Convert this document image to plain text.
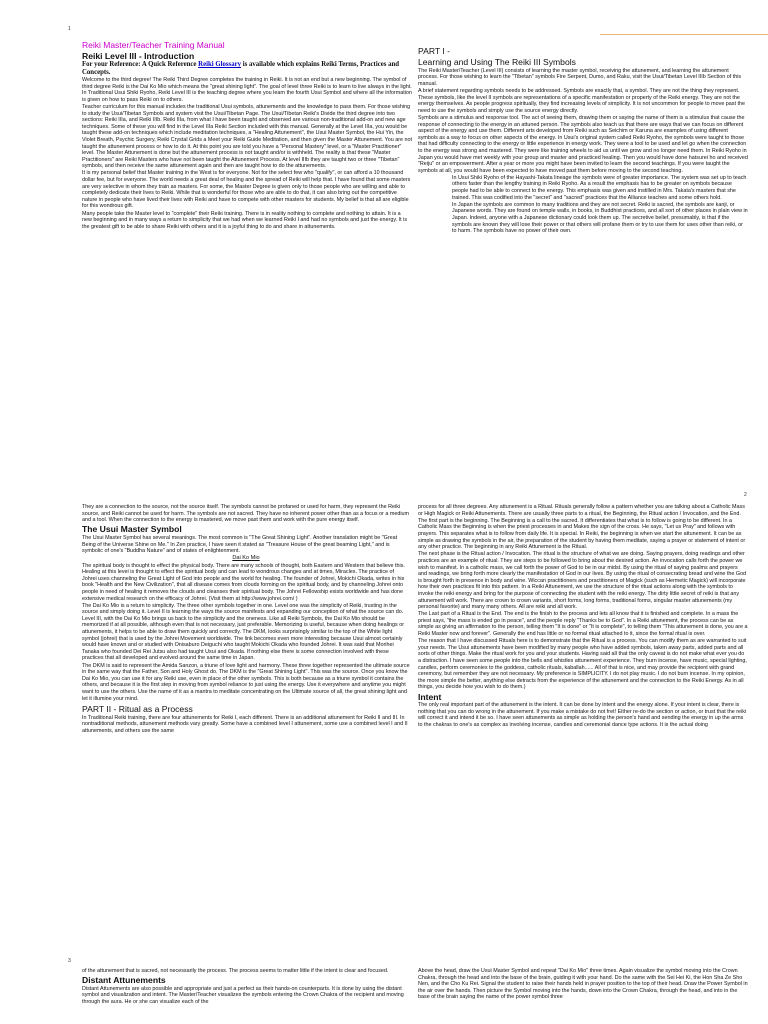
1

Reiki Master/Teacher Training Manual

Reiki Level III - Introduction

For your Reference: A Quick Reference Reiki Glossary is available which explains Reiki Terms, Practices and Concepts.

Welcome to the third degree! The Reiki Third Degree completes the training in Reiki. It is not an end but a new beginning. The symbol of third degree Reiki is the Dai Ko Mio which means the "great shining light". The goal of level three Reiki is to learn to live always in the light. In Traditional Usui Shiki Ryoho, Reiki Level III is the teaching degree where you learn the fourth Usui Symbol and where all the information is given on how to pass Reiki on to others.

Teacher curriculum for this manual includes the traditional Usui symbols, attunements and the knowledge to pass them. For those wishing to study the Usui/Tibetan Symbols and system visit the Usui/Tibetan Page. The Usui/Tibetan Reiki's Divide the third degree into two sections: Reiki IIIa, and Reiki IIIb. Reiki IIIa, from what I have been taught and observed are various non-traditional add-on and new age techniques. Some of these you will find in the Level IIIa Reiki Section included with this manual. Generally at the Level IIIa, you would be taught these add-on techniques which include meditation techniques, a "Healing Attunement", the Usui Master Symbol, the Hui Yin, the Violet Breath, Psychic Surgery, Reiki Crystal Grids a Meet your Reiki Guide Meditation, and then given the Master Attunement. You are not taught the attunement process or how to do it. At this point you are told you have a "Personal Mastery" level, or a "Master Practitioner" level. The Master Attunement is done but the attunement process is not taught and/or is withheld. The reality is that these "Master Practitioners" are Reiki Masters who have not been taught the Attunement Process. At level IIIb they are taught two or three "Tibetan" symbols, and then receive the same attunement again and then are taught how to do the attunements.

It is my personal belief that Master training in the West is for everyone. Not for the select few who "qualify", or can afford a 10 thousand dollar fee, but for everyone. The world needs a great deal of healing and the spread of Reiki will help that. I have found that some masters are very selective in whom they train as masters. For some, the Master Degree is given only to those people who are willing and able to completely dedicate their lives to Reiki. While that is wonderful for those who are able to do that, it can also bring out the competitive nature in people who have lived their lives with Reiki and have to compete with other masters for students. My belief is that all are eligible for this wondrous gift.

Many people take the Master level to "complete" their Reiki training. There is in reality nothing to complete and nothing to attain. It is a new beginning and in many ways a return to simplicity that we had when we learned Reiki I and had no symbols and just the energy. It is the greatest gift to be able to share Reiki with others and it is a joyful thing to do and share in attunements.

PART I -

Learning and Using The Reiki III Symbols

The Reiki Master/Teacher (Level III) consists of learning the master symbol, receiving the attunement, and learning the attunement process. For those wishing to learn the "Tibetan" symbols Fire Serpent, Dumo, and Raku, visit the Usui/Tibetan Level IIIb Section of this manual.

A brief statement regarding symbols needs to be addressed. Symbols are exactly that, a symbol. They are not the thing they represent. These symbols, like the level II symbols are representations of a specific manifestation or property of the Reiki energy. They are not the energy themselves. As people progress spiritually, they find increasing levels of simplicity. It is not uncommon for people to move past the need to use the symbols and simply use the source energy directly.

Symbols are a stimulus and response tool. The act of seeing them, drawing them or saying the name of them is a stimulus that cause the response of connecting to the energy in an attuned person. The symbols also teach us that there are ways that we can focus on different aspect of the energy and use them. Different arts developed from Reiki such as Seichim or Karuna are examples of using different symbols as a way to focus on other aspects of the energy. In Usui's original system called Reiki Ryoho, the symbols were taught to those that had difficulty connecting to the energy or little experience in energy work. They were a tool to be used and let go when the connection to the energy was strong and mastered. They were like training wheels to aid us until we grow and no longer need them. In Reiki Ryoho in Japan you would have met weekly with your group and master and practiced healing. Then you would have done hatsurei ho and received "Reiju" or an empowerment. After a year or more you might have been invited to learn the second teachings. If you were taught the symbols at all, you would have been expected to have moved past them before moving to the second teaching.

In Usui Shiki Ryoho of the Hayashi-Takata lineage the symbols were of greater importance. The system was set up to teach others faster than the lengthy training in Reiki Ryoho. As a result the emphasis has to be greater on symbols because people had to be able to connect to the energy. This emphasis was given and instilled in Mrs. Takata's masters that she trained. This was codified into the "secret" and "sacred" practices that the Alliance teaches and some others hold.

In Japan the symbols are common to many traditions and they are not secret. Reiki is sacred, the symbols are kanji, or Japanese words. They are found on temple walls, in books, in Buddhist practices, and all sort of other places in plain view in Japan. Indeed, anyone with a Japanese dictionary could look them up. The secretive belief, presumably, is that if the symbols are known they will lose their power or that others will profane them or try to use them for uses other than reiki, or to harm. The symbols have no power of their own.

2

They are a connection to the source, not the source itself. The symbols cannot be profaned or used for harm, they represent the Reiki source, and Reiki cannot be used for harm. The symbols are not sacred. They have no inherent power other than as a focus or a medium and a tool. When the connection to the energy is mastered, we move past them and work with the pure energy itself.

The Usui Master Symbol

The Usui Master Symbol has several meanings. The most common is "The Great Shining Light". Another translation might be "Great Being of the Universe Shine on Me." In Zen practice, I have seen it stated as "Treasure House of the great beaming Light," and is symbolic of one's "Buddha Nature" and of states of enlightenment.

Dai Ko Mio

The spiritual body is thought to effect the physical body. There are many schools of thought, both Eastern and Western that believe this. Healing at this level is thought to effect the spiritual body and can lead to wondrous changes and at times, Miracles. The practice of Johrei uses channeling the Great Light of God into people and the world for healing. The founder of Johrei, Mokichi Okada, writes in his book "Health and the New Civilization", that all disease comes from clouds forming on the spiritual body, and by channeling Johrei onto people in need of healing it removes the clouds and cleanses their spiritual body. The Johrei Fellowship exists worldwide and has done extensive medical research on the efficacy of Johrei. (Visit them at http://www.johrei.com/ )

The Dai Ko Mio is a return to simplicity. The three other symbols together in one. Level one was the simplicity of Reiki, trusting in the source and simply doing it. Level II is learning the ways the source manifests and expanding our conception of what the source can do. Level III, with the Dai Ko Mio brings us back to the simplicity and the oneness. Like all Reiki Symbols, the Dai Ko Mio should be memorized if at all possible, although even that is not necessary, just preferable. Memorizing is useful, because when doing healings or attunements, it helps to be able to draw them quickly and correctly. The DKM, looks surprisingly similar to the top of the White light symbol (johrei) that is used by the Johrei Movement worldwide. The link becomes even more interesting because Usui almost certainly would have known and or studied with Onisaburo Deiguchi who taught Mokichi Okada who founded Johrei. It was said that Morihei Tanaka who founded Dei Rei Jutsu also had taught Usui and Okada. If nothing else there is some connection involved with these practices that all developed and evolved around the same time in Japan.

The DKM is said to represent the Amida Sanzon, a triune of love light and harmony. These three together represented the ultimate source in the same way that the Father, Son and Holy Ghost do. The DKM is the "Great Shining Light". This was the source. Once you know the Dai Ko Mio, you can use it for any Reiki use, even in place of the other symbols. This is both because as a triune symbol it contains the others, and because it is the first step in moving from symbol reliance to just using the energy. Use it everywhere and anytime you might want to use the others. Use the name of it as a mantra to meditate concentrating on the Ultimate source of all, the great shining light and let it illumine your mind.

PART II - Ritual as a Process

In Traditional Reiki training, there are four attunements for Reiki I, each different. There is an additional attunement for Reiki II and III. In nontraditional methods, attunement methods vary greatly. Some have a combined level I attunement, some use a combined level I and II attunements, and others use the same

process for all three degrees. Any attunement is a Ritual. Rituals generally follow a pattern whether you are talking about a Catholic Mass or High Magick or Reiki Attunements. There are usually three parts to a ritual, the Beginning, the Ritual action / Invocation, and the End.

The first part is the beginning. The Beginning is a call to the sacred. It differentiates that what is to follow is going to be different. In a Catholic Mass the Beginning is when the priest processes in and Makes the sign of the cross. He says, "Let us Pray" and follows with prayers. This separates what is to follow from daily life. It is special. In Reiki, the beginning is when we start the attunement. It can be as simple as drawing the symbols in the air, the preparation of the student by having them meditate, saying a prayer or statement of intent or any other practice. The beginning in any Reiki Attunement is the Ritual.

The next phase is the Ritual action / Invocation. The ritual is the structure of what we are doing. Saying prayers, doing readings and other practices are an example of ritual. They are steps to be followed to bring about the desired action. An invocation calls forth the power we wish to manifest. In a catholic mass, we call forth the power of God to be in our midst. By using the ritual of saying psalms and prayers and readings, we bring forth more clearly the manifestation of God in our lives. By using the ritual of consecrating bread and wine the God is brought forth in presence in body and wine. Wiccan practitioners and practitioners of Magick (such as Hermetic Magick) will incorporate how their own practices fit into this pattern. In a Reiki Attunement, we use the structure of the ritual actions along with the symbols to invoke the reiki energy and bring for the purpose of connecting the student with the reiki energy. The dirty little secret of reiki is that any attunement will work. There are crown to crown variants, short forms, long forms, traditional forms, singular master attunements (my personal favorite) and many many others. All are reiki and all work.

The Last part of a Ritual is the End. The end is the finish to the process and lets all know that it is finished and complete. In a mass the priest says, "the mass is ended go in peace", and the people reply "Thanks be to God". In a Reiki attunement, the process can be as simple as giving an affirmation to the person, telling them "It is done" or "It is complete", to telling them "This attunement is done, you are a Reiki Master now and forever". Generally the end has little or no formal ritual attached to it, since the formal ritual is over.

The reason that I have discussed Rituals here is to demonstrate that the Ritual is a process. You can modify them as are warranted to suit your needs. The Usui attunements have been modified by many people who have added symbols, taken away parts, added parts and all sorts of other things. Make the ritual work for you and your students. Having said all that the only caveat is do not make what ever you do a distraction. I have seen some people into the bells and whistles attunement experience. They burn incense, have music, special lighting, candles, perform ceremonies to the goddess, catholic rituals, kaballah...... All of that is nice, and may provide the recipient with grand ceremony, but remember they are not necessary. My preference is SIMPLICITY. I do not play music. I do not burn incense. In my opinion, the more simple the better, anything else detracts from the experience of the attunement and the connection to the Reiki Energy. As in all things, you decide how you wish to do them.)

Intent

The only real important part of the attunement is the intent. It can be done by intent and the energy alone. If your intent is clear, there is nothing that you can do wrong in the attunement. If you make a mistake do not fret! Either re-do the section or action, or trust that the reiki will correct it and intend it be so. I have seen attunements as simple as holding the person's hand and sending the energy in up the arms to the chakras to one's as complex as involving incense, candles and ceremonial dance type actions. It is the actual doing

3

of the attunement that is sacred, not necessarily the process. The process seems to matter little if the intent is clear and focused.

Distant Attunements

Distant Attunements are also possible and appropriate and just a perfect as their hands-on counterparts. It is done by using the distant symbol and visualization and intent. The Master/Teacher visualizes the symbols entering the Crown Chakra of the recipient and moving through the aura. He or she can visualize each of the

Above the head, draw the Usui Master Symbol and repeat "Dai Ko Mio" three times. Again visualize the symbol moving into the Crown Chakra, through the head and into the base of the brain, guiding it with your hand. Do the same with the Sei Hei Ki, the Hon Sha Ze Sho Nen, and the Cho Ku Rei. Signal the student to raise their hands held in prayer position to the top of their head. Draw the Power Symbol in the air over the hands. Then picture the Symbol moving into the hands, down into the Crown Chakra, through the head, and into in the base of the brain saying the name of the power symbol three
